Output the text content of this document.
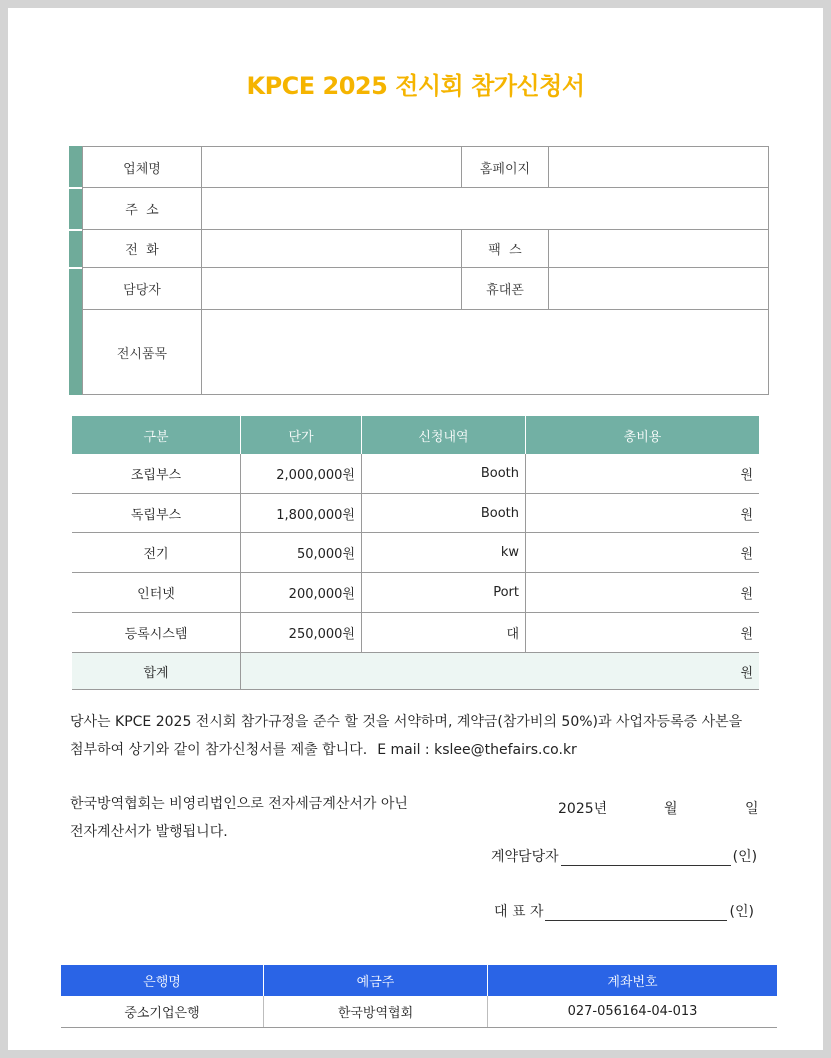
KPCE 2025 전시회 참가신청서
업체명	홈페이지
주  소
전  화	팩  스
담당자	휴대폰
전시품목
구분	단가	신청내역	총비용
조립부스	2,000,000원	Booth	원
독립부스	1,800,000원	Booth	원
전기	50,000원	kw	원
인터넷	200,000원	Port	원
등록시스템	250,000원	대	원
합계	원
당사는 KPCE 2025 전시회 참가규정을 준수 할 것을 서약하며, 계약금(참가비의 50%)과 사업자등록증 사본을
첨부하여 상기와 같이 참가신청서를 제출 합니다. E mail : kslee@thefairs.co.kr
한국방역협회는 비영리법인으로 전자세금계산서가 아닌
전자계산서가 발행됩니다.
2025년	월	일
계약담당자	(인)
대 표 자	(인)
은행명	예금주	계좌번호
중소기업은행	한국방역협회	027-056164-04-013
